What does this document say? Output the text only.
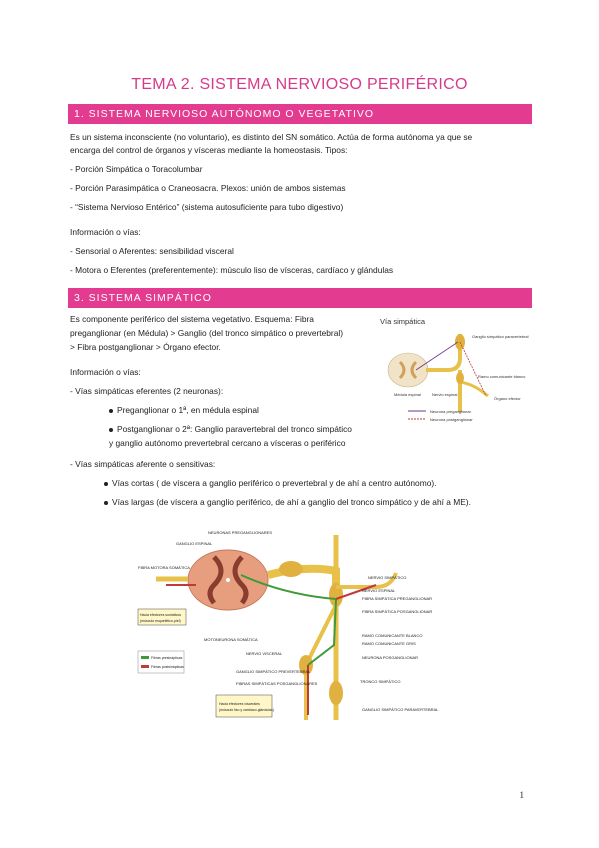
TEMA 2. SISTEMA NERVIOSO PERIFÉRICO
1. SISTEMA NERVIOSO AUTÓNOMO O VEGETATIVO
Es un sistema inconsciente (no voluntario), es distinto del SN somático. Actúa de forma autónoma ya que se
encarga del control de órganos y vísceras mediante la homeostasis. Tipos:
- Porción Simpática o Toracolumbar
- Porción Parasimpática o Craneosacra. Plexos: unión de ambos sistemas
- “Sistema Nervioso Entérico” (sistema autosuficiente para tubo digestivo)
Información o vías:
- Sensorial o Aferentes: sensibilidad visceral
- Motora o Eferentes (preferentemente): músculo liso de vísceras, cardíaco y glándulas
3. SISTEMA SIMPÁTICO
Es componente periférico del sistema vegetativo. Esquema: Fibra
preganglionar (en Médula) > Ganglio (del tronco simpático o prevertebral)
> Fibra postganglionar > Órgano efector.
Información o vías:
- Vías simpáticas eferentes (2 neuronas):
Preganglionar o 1ª, en médula espinal
Postganglionar o 2ª: Ganglio paravertebral del tronco simpático
y ganglio autónomo prevertebral cercano a vísceras o periférico
- Vías simpáticas aferente o sensitivas:
Vías cortas ( de víscera a ganglio periférico o prevertebral y de ahí a centro autónomo).
Vías largas (de víscera a ganglio periférico, de ahí a ganglio del tronco simpático y de ahí a ME).
Vía simpática
Ganglio simpático paravertebral
Ramo comunicante blanco
Órgano efector
Médula espinal	Nervio espinal
Neurona preganglionar
Neurona postganglionar
Hacia efectores somáticos
(músculo esquelético-piel)
Hacia efectores viscerales
(músculo liso y cardíaco-glándulas)
Fibras presinápticas
Fibras postsinápticas
NEURONAS PREGANGLIONARES
GANGLIO ESPINAL
FIBRA MOTORA SOMÁTICA
MOTONEURONA SOMÁTICA
NERVIO SIMPÁTICO
NERVIO ESPINAL
FIBRA SIMPÁTICA PREGANGLIONAR
FIBRA SIMPÁTICA POSGANGLIONAR
RAMO COMUNICANTE BLANCO
RAMO COMUNICANTE GRIS
NEURONA POSGANGLIONAR
NERVIO VISCERAL
TRONCO SIMPÁTICO
GANGLIO SIMPÁTICO PREVERTEBRAL
FIBRAS SIMPÁTICAS POSGANGLIONARES
GANGLIO SIMPÁTICO PARAVERTEBRAL
1
